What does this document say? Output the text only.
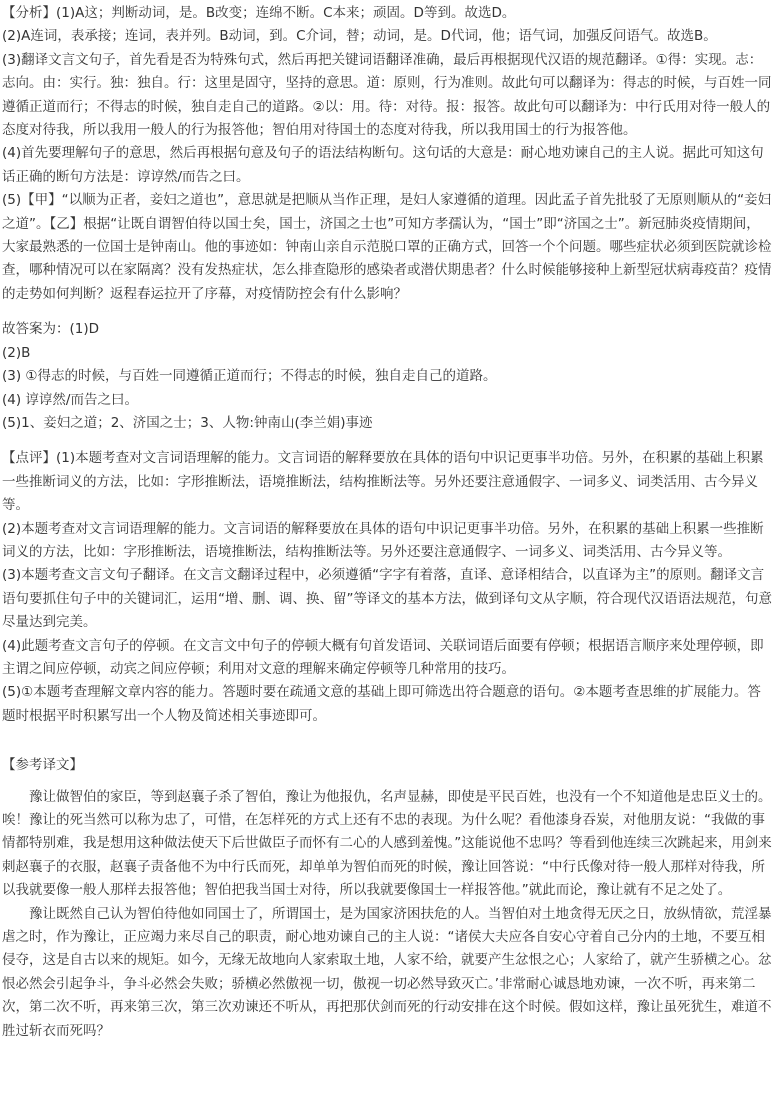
【分析】(1)A这；判断动词，是。B改变；连绵不断。C本来；顽固。D等到。故选D。

(2)A连词，表承接；连词，表并列。B动词，到。C介词，替；动词，是。D代词，他；语气词，加强反问语气。故选B。

(3)翻译文言文句子，首先看是否为特殊句式，然后再把关键词语翻译准确，最后再根据现代汉语的规范翻译。①得：实现。志：志向。由：实行。独：独自。行：这里是固守，坚持的意思。道：原则，行为准则。故此句可以翻译为：得志的时候，与百姓一同遵循正道而行；不得志的时候，独自走自己的道路。②以：用。待：对待。报：报答。故此句可以翻译为：中行氏用对待一般人的态度对待我，所以我用一般人的行为报答他；智伯用对待国士的态度对待我，所以我用国士的行为报答他。

(4)首先要理解句子的意思，然后再根据句意及句子的语法结构断句。这句话的大意是：耐心地劝谏自己的主人说。据此可知这句话正确的断句方法是：谆谆然/而告之曰。

(5)【甲】“以顺为正者，妾妇之道也”，意思就是把顺从当作正理，是妇人家遵循的道理。因此孟子首先批驳了无原则顺从的“妾妇之道”。【乙】根据“让既自谓智伯待以国士矣，国士，济国之士也”可知方孝孺认为，“国士”即“济国之士”。新冠肺炎疫情期间，大家最熟悉的一位国士是钟南山。他的事迹如：钟南山亲自示范脱口罩的正确方式，回答一个个问题。哪些症状必须到医院就诊检查，哪种情况可以在家隔离？没有发热症状，怎么排查隐形的感染者或潜伏期患者？什么时候能够接种上新型冠状病毒疫苗？疫情的走势如何判断？返程春运拉开了序幕，对疫情防控会有什么影响？

故答案为：(1)D

(2)B

(3) ①得志的时候，与百姓一同遵循正道而行；不得志的时候，独自走自己的道路。

(4) 谆谆然/而告之曰。

(5)1、妾妇之道；2、济国之士；3、人物:钟南山(李兰娟)事迹

【点评】(1)本题考查对文言词语理解的能力。文言词语的解释要放在具体的语句中识记更事半功倍。另外，在积累的基础上积累一些推断词义的方法，比如：字形推断法，语境推断法，结构推断法等。另外还要注意通假字、一词多义、词类活用、古今异义等。

(2)本题考查对文言词语理解的能力。文言词语的解释要放在具体的语句中识记更事半功倍。另外，在积累的基础上积累一些推断词义的方法，比如：字形推断法，语境推断法，结构推断法等。另外还要注意通假字、一词多义、词类活用、古今异义等。

(3)本题考查文言文句子翻译。在文言文翻译过程中，必须遵循“字字有着落，直译、意译相结合，以直译为主”的原则。翻译文言语句要抓住句子中的关键词汇，运用“增、删、调、换、留”等译文的基本方法，做到译句文从字顺，符合现代汉语语法规范，句意尽量达到完美。

(4)此题考查文言句子的停顿。在文言文中句子的停顿大概有句首发语词、关联词语后面要有停顿；根据语言顺序来处理停顿，即主谓之间应停顿，动宾之间应停顿；利用对文意的理解来确定停顿等几种常用的技巧。

(5)①本题考查理解文章内容的能力。答题时要在疏通文意的基础上即可筛选出符合题意的语句。②本题考查思维的扩展能力。答题时根据平时积累写出一个人物及简述相关事迹即可。

【参考译文】

豫让做智伯的家臣，等到赵襄子杀了智伯，豫让为他报仇，名声显赫，即使是平民百姓，也没有一个不知道他是忠臣义士的。唉！豫让的死当然可以称为忠了，可惜，在怎样死的方式上还有不忠的表现。为什么呢？看他漆身吞炭，对他朋友说：“我做的事情都特别难，我是想用这种做法使天下后世做臣子而怀有二心的人感到羞愧。”这能说他不忠吗？等看到他连续三次跳起来，用剑来刺赵襄子的衣服，赵襄子责备他不为中行氏而死，却单单为智伯而死的时候，豫让回答说：“中行氏像对待一般人那样对待我，所以我就要像一般人那样去报答他；智伯把我当国士对待，所以我就要像国士一样报答他。”就此而论，豫让就有不足之处了。

豫让既然自己认为智伯待他如同国士了，所谓国士，是为国家济困扶危的人。当智伯对土地贪得无厌之日，放纵情欲，荒淫暴虐之时，作为豫让，正应竭力来尽自己的职责，耐心地劝谏自己的主人说：“诸侯大夫应各自安心守着自己分内的土地，不要互相侵夺，这是自古以来的规矩。如今，无缘无故地向人家索取土地，人家不给，就要产生忿恨之心；人家给了，就产生骄横之心。忿恨必然会引起争斗，争斗必然会失败；骄横必然傲视一切，傲视一切必然导致灭亡。’非常耐心诚恳地劝谏，一次不听，再来第二次，第二次不听，再来第三次，第三次劝谏还不听从，再把那伏剑而死的行动安排在这个时候。假如这样，豫让虽死犹生，难道不胜过斩衣而死吗？
